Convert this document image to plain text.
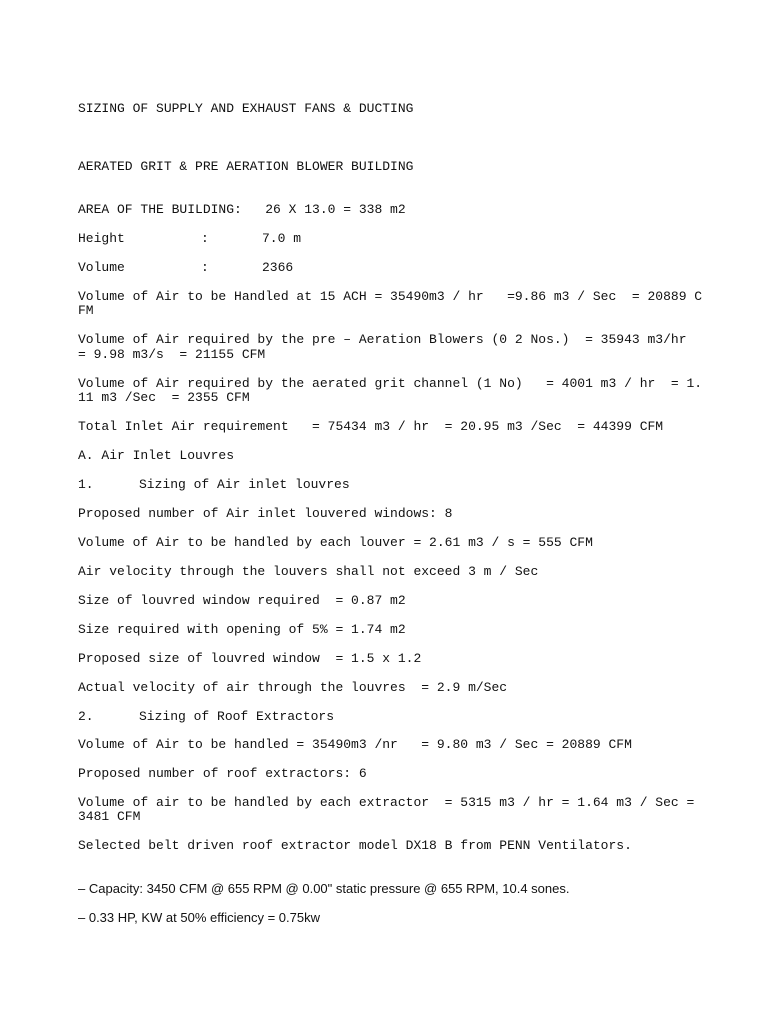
SIZING OF SUPPLY AND EXHAUST FANS & DUCTING

AERATED GRIT & PRE AERATION BLOWER BUILDING

AREA OF THE BUILDING:   26 X 13.0 = 338 m2

Height	:	7.0 m

Volume	:	2366

Volume of Air to be Handled at 15 ACH = 35490m3 / hr   =9.86 m3 / Sec  = 20889 C

FM

Volume of Air required by the pre – Aeration Blowers (0 2 Nos.)  = 35943 m3/hr

= 9.98 m3/s  = 21155 CFM

Volume of Air required by the aerated grit channel (1 No)   = 4001 m3 / hr  = 1.

11 m3 /Sec  = 2355 CFM

Total Inlet Air requirement   = 75434 m3 / hr  = 20.95 m3 /Sec  = 44399 CFM

A. Air Inlet Louvres

1.	Sizing of Air inlet louvres

Proposed number of Air inlet louvered windows: 8

Volume of Air to be handled by each louver = 2.61 m3 / s = 555 CFM

Air velocity through the louvers shall not exceed 3 m / Sec

Size of louvred window required  = 0.87 m2

Size required with opening of 5% = 1.74 m2

Proposed size of louvred window  = 1.5 x 1.2

Actual velocity of air through the louvres  = 2.9 m/Sec

2.	Sizing of Roof Extractors

Volume of Air to be handled = 35490m3 /nr   = 9.80 m3 / Sec = 20889 CFM

Proposed number of roof extractors: 6

Volume of air to be handled by each extractor  = 5315 m3 / hr = 1.64 m3 / Sec =

3481 CFM

Selected belt driven roof extractor model DX18 B from PENN Ventilators.

– Capacity: 3450 CFM @ 655 RPM @ 0.00" static pressure @ 655 RPM, 10.4 sones.

– 0.33 HP, KW at 50% efficiency = 0.75kw
